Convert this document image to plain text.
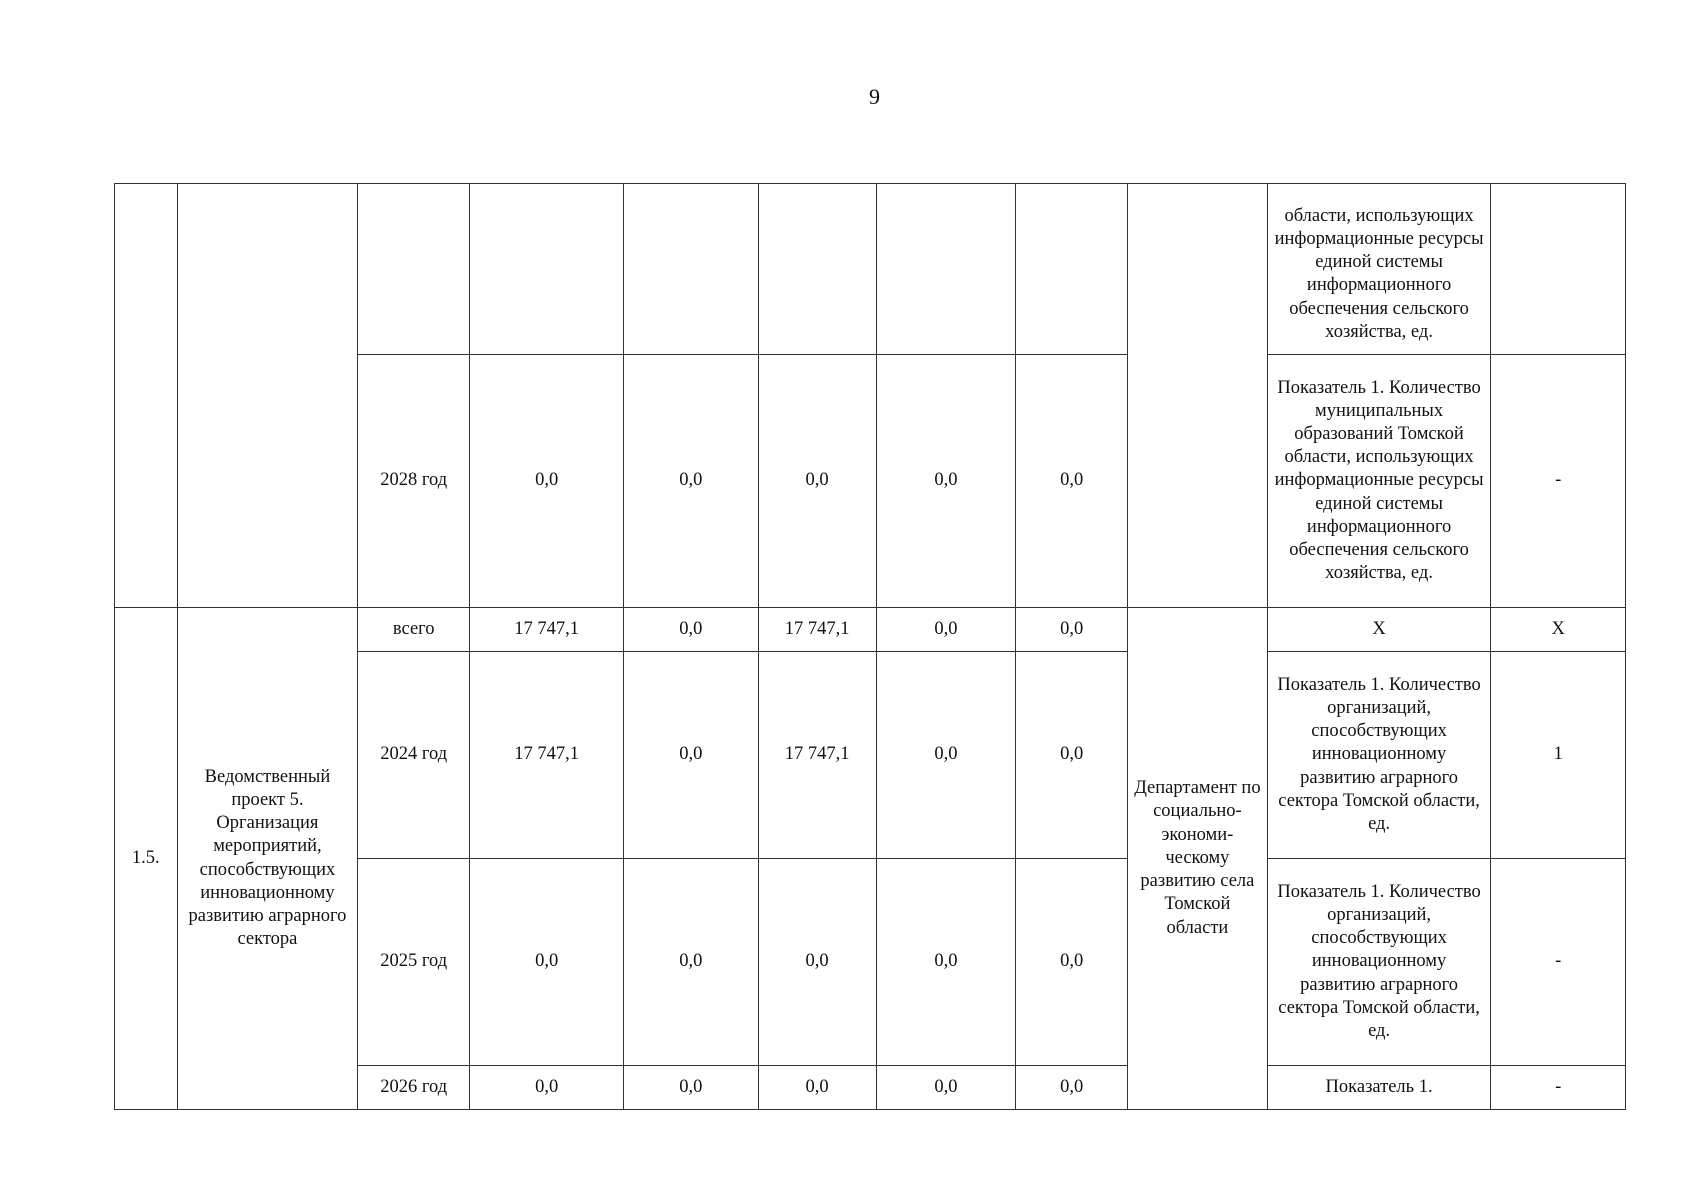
9
									области, использующих информационные ресурсы единой системы информационного обеспечения сельского хозяйства, ед.	
		2028 год	0,0	0,0	0,0	0,0	0,0		Показатель 1. Количество муниципальных образований Томской области, использующих информационные ресурсы единой системы информационного обеспечения сельского хозяйства, ед.	-
1.5.	Ведомственный проект 5. Организация мероприятий, способствующих инновационному развитию аграрного сектора	всего	17 747,1	0,0	17 747,1	0,0	0,0	Департамент по социально-экономи-ческому развитию села Томской области	X	X
		2024 год	17 747,1	0,0	17 747,1	0,0	0,0		Показатель 1. Количество организаций, способствующих инновационному развитию аграрного сектора Томской области, ед.	1
		2025 год	0,0	0,0	0,0	0,0	0,0		Показатель 1. Количество организаций, способствующих инновационному развитию аграрного сектора Томской области, ед.	-
		2026 год	0,0	0,0	0,0	0,0	0,0		Показатель 1.	-
